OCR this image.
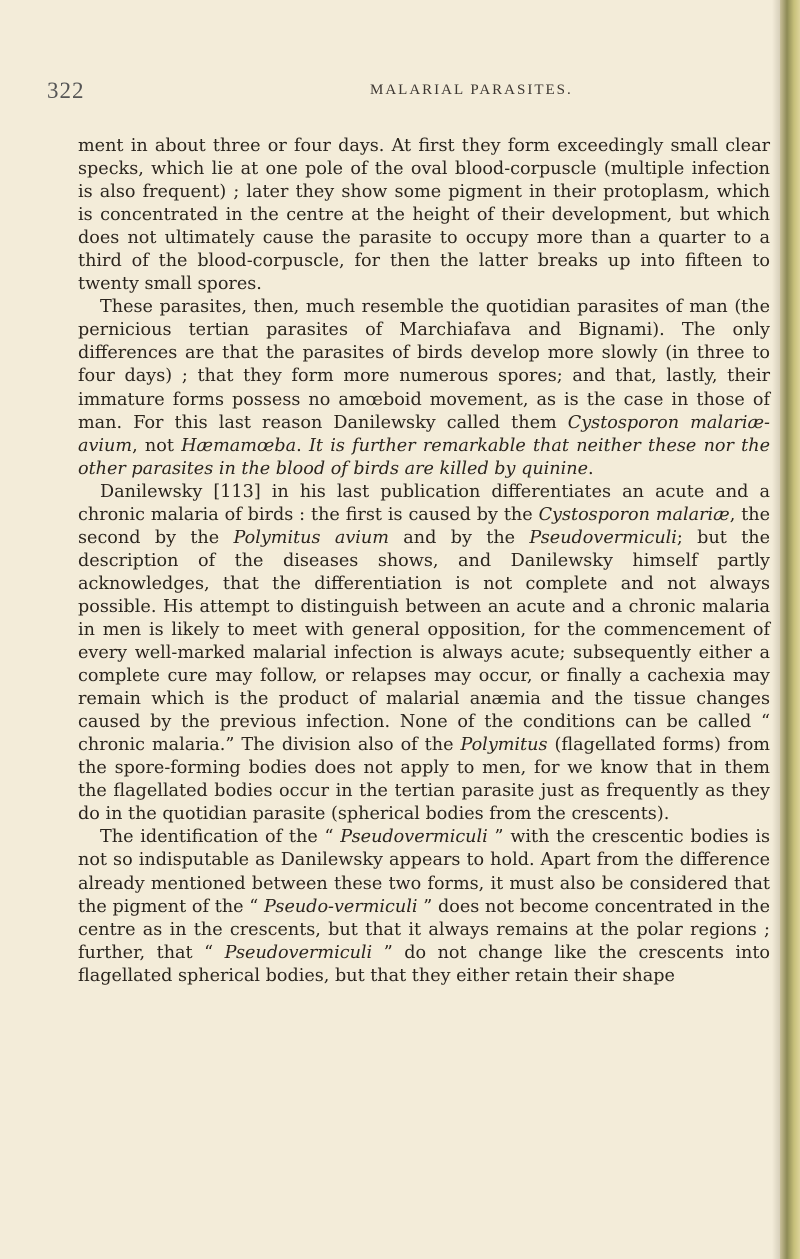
322	MALARIAL PARASITES.

ment in about three or four days. At first they form exceedingly small clear specks, which lie at one pole of the oval blood-corpuscle (multiple infection is also frequent) ; later they show some pigment in their protoplasm, which is concentrated in the centre at the height of their development, but which does not ultimately cause the parasite to occupy more than a quarter to a third of the blood-corpuscle, for then the latter breaks up into fifteen to twenty small spores.

These parasites, then, much resemble the quotidian parasites of man (the pernicious tertian parasites of Marchiafava and Bignami). The only differences are that the parasites of birds develop more slowly (in three to four days) ; that they form more numerous spores; and that, lastly, their immature forms possess no amœboid movement, as is the case in those of man. For this last reason Danilewsky called them Cystosporon malariæ-avium, not Hæmamœba. It is further remarkable that neither these nor the other parasites in the blood of birds are killed by quinine.

Danilewsky [113] in his last publication differentiates an acute and a chronic malaria of birds : the first is caused by the Cystosporon malariæ, the second by the Polymitus avium and by the Pseudovermiculi; but the description of the diseases shows, and Danilewsky himself partly acknowledges, that the differentiation is not complete and not always possible. His attempt to distinguish between an acute and a chronic malaria in men is likely to meet with general opposition, for the commencement of every well-marked malarial infection is always acute; subsequently either a complete cure may follow, or relapses may occur, or finally a cachexia may remain which is the product of malarial anæmia and the tissue changes caused by the previous infection. None of the conditions can be called “ chronic malaria.” The division also of the Polymitus (flagellated forms) from the spore-forming bodies does not apply to men, for we know that in them the flagellated bodies occur in the tertian parasite just as frequently as they do in the quotidian parasite (spherical bodies from the crescents).

The identification of the “ Pseudovermiculi ” with the crescentic bodies is not so indisputable as Danilewsky appears to hold. Apart from the difference already mentioned between these two forms, it must also be considered that the pigment of the “ Pseudo-vermiculi ” does not become concentrated in the centre as in the crescents, but that it always remains at the polar regions ; further, that “ Pseudovermiculi ” do not change like the crescents into flagellated spherical bodies, but that they either retain their shape
